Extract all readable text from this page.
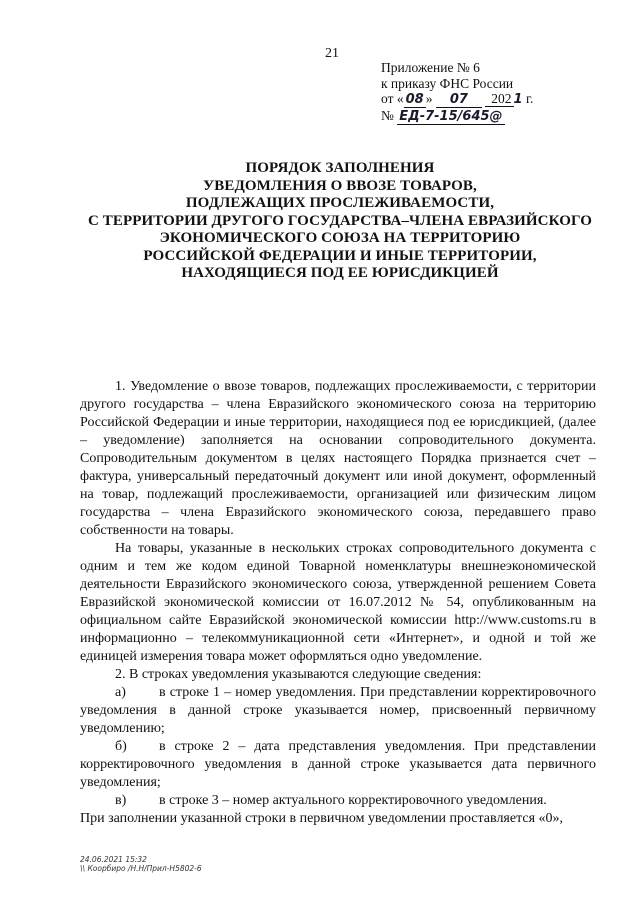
21
Приложение № 6
к приказу ФНС России
от « 08 » 07 202 1 г.
№ ЕД-7-15/645@
ПОРЯДОК ЗАПОЛНЕНИЯ
УВЕДОМЛЕНИЯ О ВВОЗЕ ТОВАРОВ,
ПОДЛЕЖАЩИХ ПРОСЛЕЖИВАЕМОСТИ,
С ТЕРРИТОРИИ ДРУГОГО ГОСУДАРСТВА–ЧЛЕНА ЕВРАЗИЙСКОГО
ЭКОНОМИЧЕСКОГО СОЮЗА НА ТЕРРИТОРИЮ
РОССИЙСКОЙ ФЕДЕРАЦИИ И ИНЫЕ ТЕРРИТОРИИ,
НАХОДЯЩИЕСЯ ПОД ЕЕ ЮРИСДИКЦИЕЙ

1. Уведомление о ввозе товаров, подлежащих прослеживаемости, с территории другого государства – члена Евразийского экономического союза на территорию Российской Федерации и иные территории, находящиеся под ее юрисдикцией, (далее – уведомление) заполняется на основании сопроводительного документа. Сопроводительным документом в целях настоящего Порядка признается счет – фактура, универсальный передаточный документ или иной документ, оформленный на товар, подлежащий прослеживаемости, организацией или физическим лицом государства – члена Евразийского экономического союза, передавшего право собственности на товары.

На товары, указанные в нескольких строках сопроводительного документа с одним и тем же кодом единой Товарной номенклатуры внешнеэкономической деятельности Евразийского экономического союза, утвержденной решением Совета Евразийской экономической комиссии от 16.07.2012 № 54, опубликованным на официальном сайте Евразийской экономической комиссии http://www.customs.ru в информационно – телекоммуникационной сети «Интернет», и одной и той же единицей измерения товара может оформляться одно уведомление.

2. В строках уведомления указываются следующие сведения:

а) в строке 1 – номер уведомления. При представлении корректировочного уведомления в данной строке указывается номер, присвоенный первичному уведомлению;

б) в строке 2 – дата представления уведомления. При представлении корректировочного уведомления в данной строке указывается дата первичного уведомления;

в) в строке 3 – номер актуального корректировочного уведомления.

При заполнении указанной строки в первичном уведомлении проставляется «0»,

24.06.2021 15:32
\\ Коорбиро /Н.Н/Прил-Н5802-6
